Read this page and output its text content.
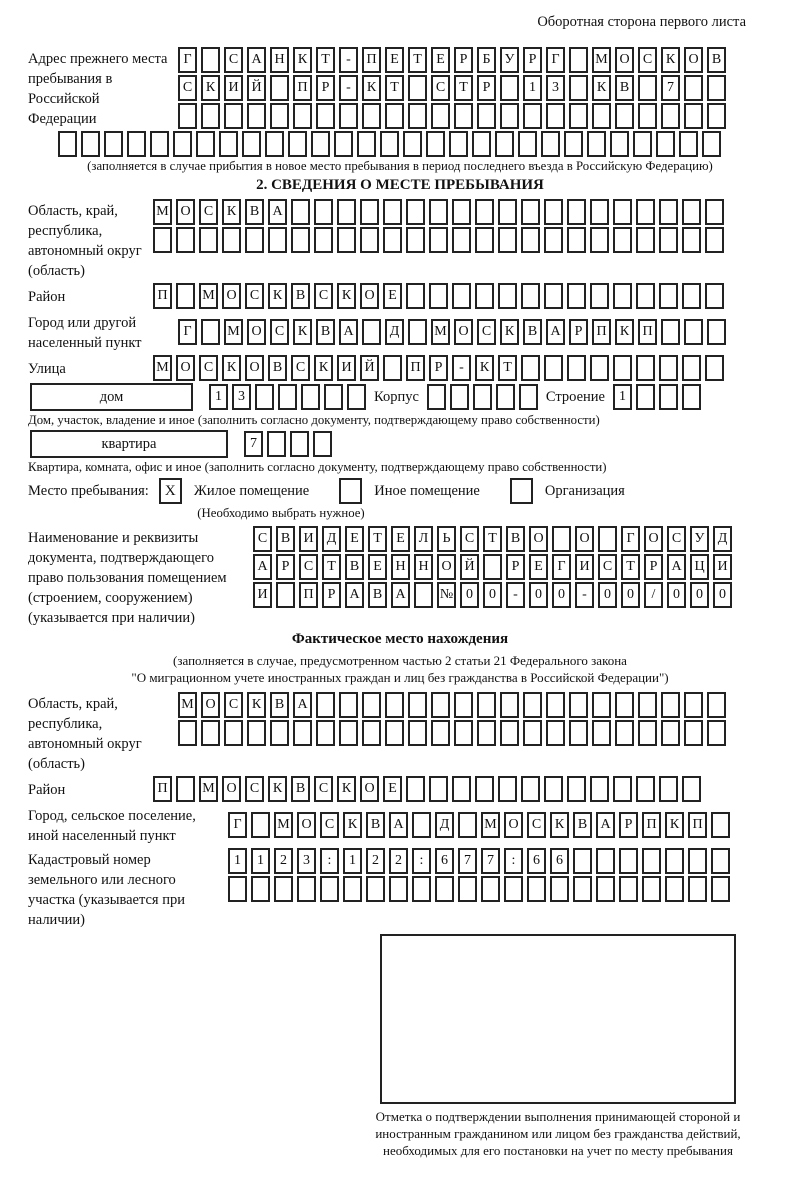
Оборотная сторона первого листа
Адрес прежнего места пребывания в Российской Федерации
Г	С А Н К	Т	-	П Е	Т	Е	Р	Б	У	Р	Г	М О С К О В
С К И Й	П	Р	-	К	Т	С	Т	Р	1	3	К В	7
(заполняется в случае прибытия в новое место пребывания в период последнего въезда в Российскую Федерацию)
2. СВЕДЕНИЯ О МЕСТЕ ПРЕБЫВАНИЯ
Область, край, республика, автономный округ (область)
М О С К В А
Район	П	М О С К В С К О Е
Город или другой населенный пункт
Г	М О С К В А	Д	М О С К В А	Р	П К П
Улица	М О С К О В С К И Й	П	Р	-	К	Т
дом	1	3	Корпус	Строение	1
Дом, участок, владение и иное (заполнить согласно документу, подтверждающему право собственности)
квартира	7
Квартира, комната, офис и иное (заполнить согласно документу, подтверждающему право собственности)
Место пребывания:	X	Жилое помещение	Иное помещение	Организация
(Необходимо выбрать нужное)
Наименование и реквизиты документа, подтверждающего право пользования помещением (строением, сооружением) (указывается при наличии)
С В И Д Е	Т	Е Л	Ь	С	Т	В О	О	Г О С У Д
А	Р	С	Т	В	Е Н Н О Й	Р	Е	Г И С	Т	Р	А Ц И
И	П	Р	А В А	№ 0	0	-	0	0	-	0	0	/	0	0	0
Фактическое место нахождения
(заполняется в случае, предусмотренном частью 2 статьи 21 Федерального закона
"О миграционном учете иностранных граждан и лиц без гражданства в Российской Федерации")
Область, край, республика, автономный округ (область)
М О С К В А
Район	П	М О С К В С К О Е
Город, сельское поселение, иной населенный пункт
Г	М О С К В А	Д	М О С К В А	Р	П К П
Кадастровый номер земельного или лесного участка (указывается при наличии)
1	1	2	3	:	1	2	2	:	6	7	7	:	6	6
Отметка о подтверждении выполнения принимающей стороной и иностранным гражданином или лицом без гражданства действий, необходимых для его постановки на учет по месту пребывания
